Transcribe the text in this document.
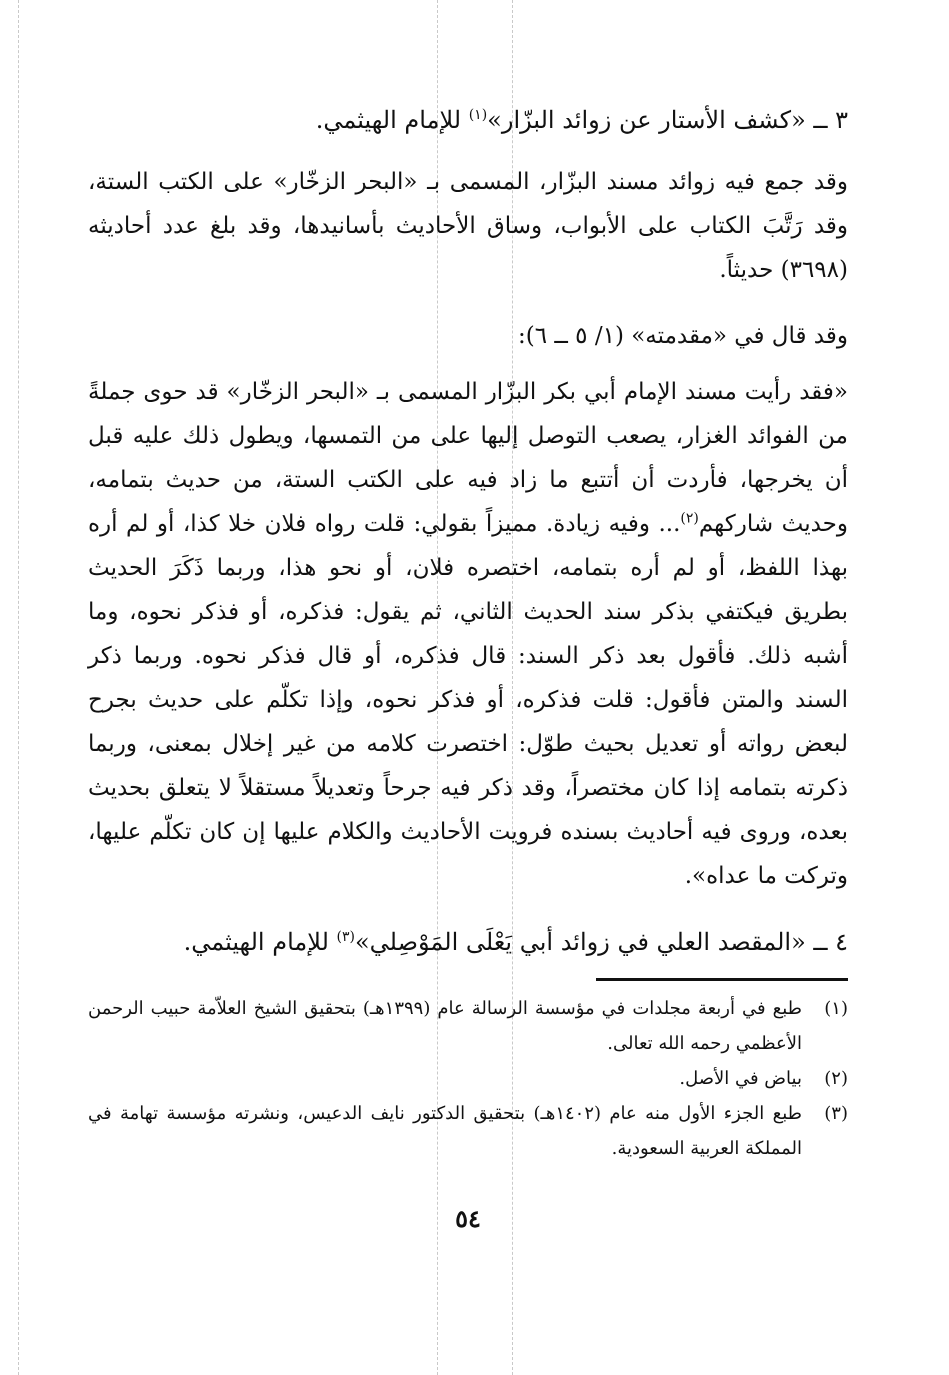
٣ ــ «كشف الأستار عن زوائد البزّار»$^{(١)}$ للإمام الهيثمي.

وقد جمع فيه زوائد مسند البزّار، المسمى بـ «البحر الزخّار» على الكتب الستة، وقد رَتَّبَ الكتاب على الأبواب، وساق الأحاديث بأسانيدها، وقد بلغ عدد أحاديثه (٣٦٩٨) حديثاً.

وقد قال في «مقدمته» (١/ ٥ ــ ٦):

«فقد رأيت مسند الإمام أبي بكر البزّار المسمى بـ «البحر الزخّار» قد حوى جملةً من الفوائد الغزار، يصعب التوصل إليها على من التمسها، ويطول ذلك عليه قبل أن يخرجها، فأردت أن أتتبع ما زاد فيه على الكتب الستة، من حديث بتمامه، وحديث شاركهم$^{(٢)}$... وفيه زيادة. مميزاً بقولي: قلت رواه فلان خلا كذا، أو لم أره بهذا اللفظ، أو لم أره بتمامه، اختصره فلان، أو نحو هذا، وربما ذَكَرَ الحديث بطريق فيكتفي بذكر سند الحديث الثاني، ثم يقول: فذكره، أو فذكر نحوه، وما أشبه ذلك. فأقول بعد ذكر السند: قال فذكره، أو قال فذكر نحوه. وربما ذكر السند والمتن فأقول: قلت فذكره، أو فذكر نحوه، وإذا تكلّم على حديث بجرح لبعض رواته أو تعديل بحيث طوّل: اختصرت كلامه من غير إخلال بمعنى، وربما ذكرته بتمامه إذا كان مختصراً، وقد ذكر فيه جرحاً وتعديلاً مستقلاً لا يتعلق بحديث بعده، وروى فيه أحاديث بسنده فرويت الأحاديث والكلام عليها إن كان تكلّم عليها، وتركت ما عداه».

٤ ــ «المقصد العلي في زوائد أبي يَعْلَى المَوْصِلي»$^{(٣)}$ للإمام الهيثمي.

(١)
طبع في أربعة مجلدات في مؤسسة الرسالة عام (١٣٩٩هـ) بتحقيق الشيخ العلاّمة حبيب الرحمن الأعظمي رحمه الله تعالى.
(٢)
بياض في الأصل.
(٣)
طبع الجزء الأول منه عام (١٤٠٢هـ) بتحقيق الدكتور نايف الدعيس، ونشرته مؤسسة تهامة في المملكة العربية السعودية.
٥٤
